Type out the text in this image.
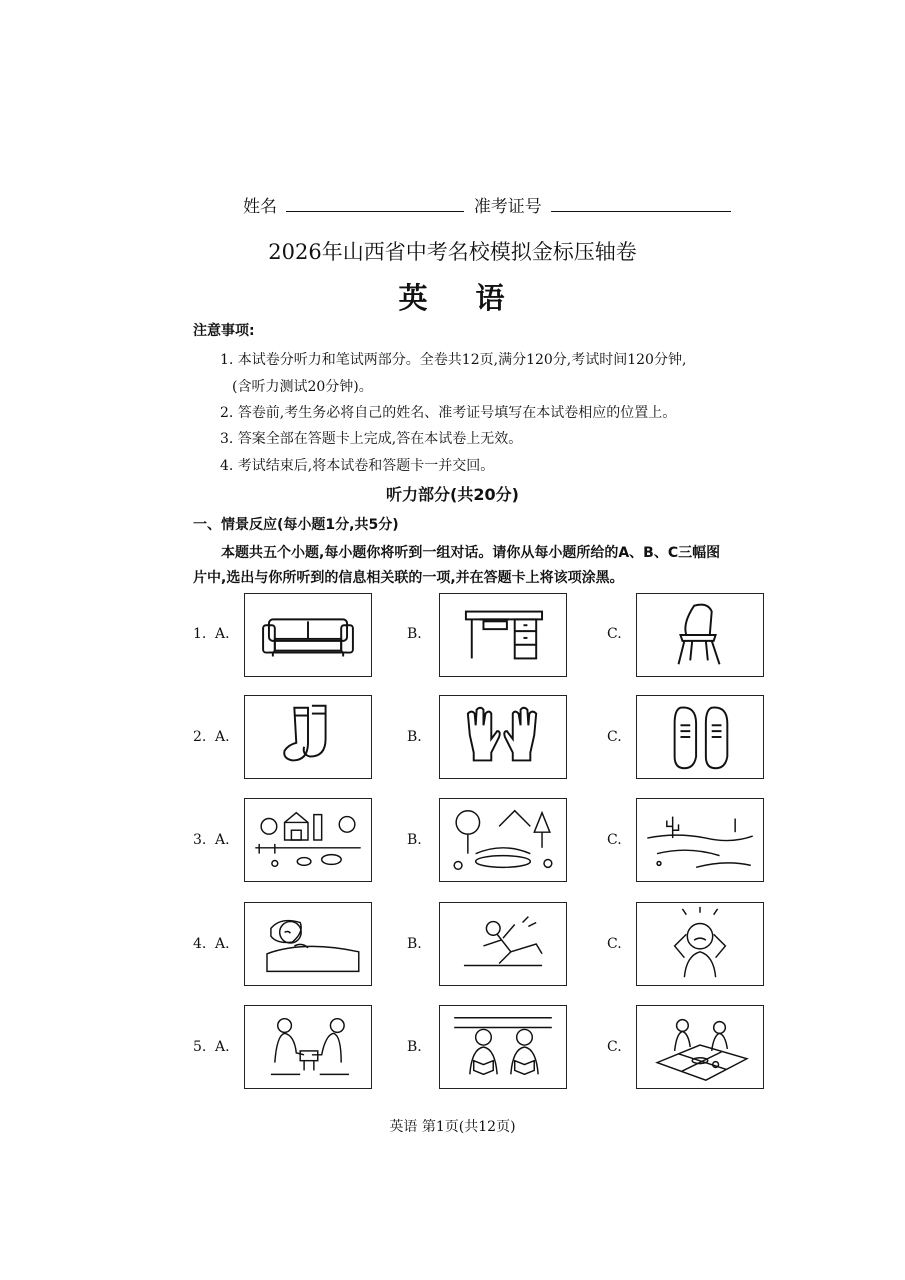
姓名	准考证号
2026年山西省中考名校模拟金标压轴卷
英语
注意事项:
1. 本试卷分听力和笔试两部分。全卷共12页,满分120分,考试时间120分钟,
(含听力测试20分钟)。
2. 答卷前,考生务必将自己的姓名、准考证号填写在本试卷相应的位置上。
3. 答案全部在答题卡上完成,答在本试卷上无效。
4. 考试结束后,将本试卷和答题卡一并交回。
听力部分(共20分)
一、情景反应(每小题1分,共5分)
本题共五个小题,每小题你将听到一组对话。请你从每小题所给的A、B、C三幅图
片中,选出与你所听到的信息相关联的一项,并在答题卡上将该项涂黑。
1. A.	B.	C.
2. A.	B.	C.
3. A.	B.	C.
4. A.	B.	C.
5. A.	B.	C.
英语 第1页(共12页)
